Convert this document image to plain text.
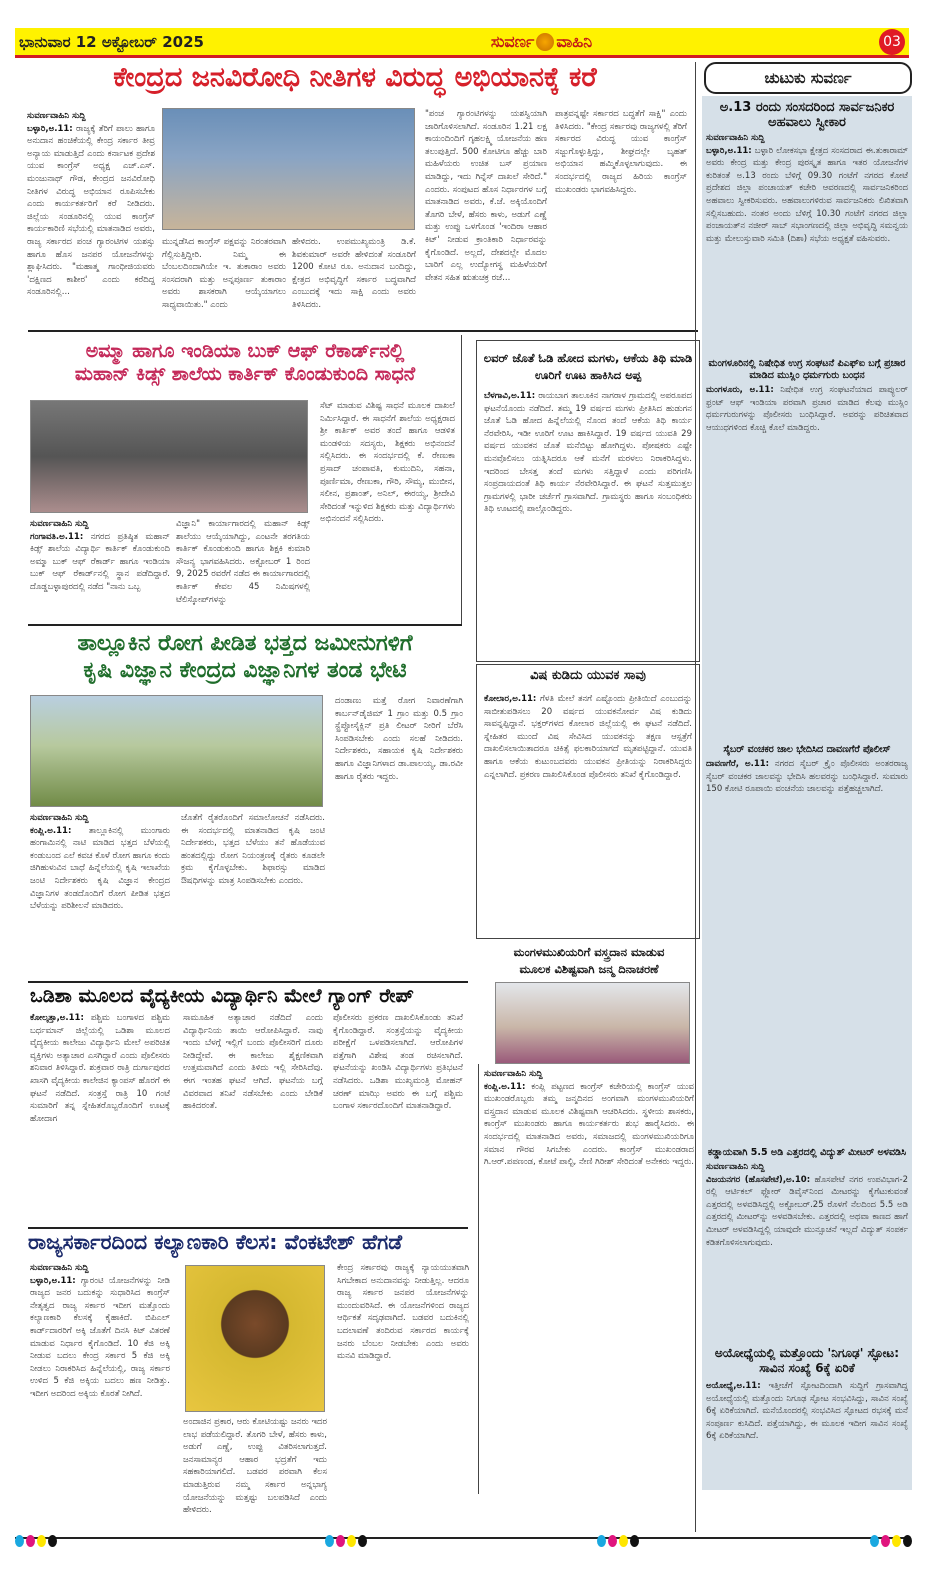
ಭಾನುವಾರ 12 ಅಕ್ಟೋಬರ್ 2025	ಸುವರ್ಣ ವಾಹಿನಿ	03
ಕೇಂದ್ರದ ಜನವಿರೋಧಿ ನೀತಿಗಳ ವಿರುದ್ಧ ಅಭಿಯಾನಕ್ಕೆ ಕರೆ
ಸುವರ್ಣವಾಹಿನಿ ಸುದ್ದಿ
ಬಳ್ಳಾರಿ,ಅ.11: ರಾಜ್ಯಕ್ಕೆ ತೆರಿಗೆ ಪಾಲು ಹಾಗೂ ಅನುದಾನ ಹಂಚಿಕೆಯಲ್ಲಿ ಕೇಂದ್ರ ಸರ್ಕಾರ ತೀವ್ರ ಅನ್ಯಾಯ ಮಾಡುತ್ತಿದೆ ಎಂದು ಕರ್ನಾಟಕ ಪ್ರದೇಶ ಯುವ ಕಾಂಗ್ರೆಸ್ ಅಧ್ಯಕ್ಷ ಎಚ್.ಎಸ್. ಮಂಜುನಾಥ್ ಗೌಡ, ಕೇಂದ್ರದ ಜನವಿರೋಧಿ ನೀತಿಗಳ ವಿರುದ್ಧ ಅಭಿಯಾನ ರೂಪಿಸಬೇಕು ಎಂದು ಕಾರ್ಯಕರ್ತರಿಗೆ ಕರೆ ನೀಡಿದರು. ಜಿಲ್ಲೆಯ ಸಂಡೂರಿನಲ್ಲಿ ಯುವ ಕಾಂಗ್ರೆಸ್ ಕಾರ್ಯಕಾರಿಣಿ ಸಭೆಯಲ್ಲಿ ಮಾತನಾಡಿದ ಅವರು, ರಾಜ್ಯ ಸರ್ಕಾರದ ಪಂಚ ಗ್ಯಾರಂಟಿಗಳ ಯಶಸ್ಸು ಹಾಗೂ ಹೊಸ ಜನಪರ ಯೋಜನೆಗಳನ್ನು ಶ್ಲಾಘಿಸಿದರು. "ಮಹಾತ್ಮ ಗಾಂಧೀಜಿಯವರು 'ದಕ್ಷಿಣದ ಕಾಶೀರ' ಎಂದು ಕರೆದಿದ್ದ ಸಂಡೂರಿನಲ್ಲಿ...
ಮುನ್ನಡೆಸಿದ ಕಾಂಗ್ರೆಸ್ ಪಕ್ಷವನ್ನು ನಿರಂತರವಾಗಿ ಗೆಲ್ಲಿಸುತ್ತಿದ್ದೀರಿ. ನಿಮ್ಮ ಈ ಬೆಂಬಲದಿಂದಾಗಿಯೇ ಇ. ತುಕಾರಾಂ ಅವರು ಸಂಸದರಾಗಿ ಮತ್ತು ಅನ್ನಪೂರ್ಣ ತುಕಾರಾಂ ಅವರು ಶಾಸಕರಾಗಿ ಆಯ್ಕೆಯಾಗಲು ಸಾಧ್ಯವಾಯಿತು." ಎಂದು
ಹೇಳಿದರು. ಉಪಮುಖ್ಯಮಂತ್ರಿ ಡಿ.ಕೆ. ಶಿವಕುಮಾರ್ ಅವರೇ ಹೇಳಿದಂತೆ ಸಂಡೂರಿಗೆ 1200 ಕೋಟಿ ರೂ. ಅನುದಾನ ಬಂದಿದ್ದು, ಕ್ಷೇತ್ರದ ಅಭಿವೃದ್ಧಿಗೆ ಸರ್ಕಾರ ಬದ್ಧವಾಗಿದೆ ಎಂಬುದಕ್ಕೆ ಇದು ಸಾಕ್ಷಿ ಎಂದು ಅವರು ತಿಳಿಸಿದರು.
"ಪಂಚ ಗ್ಯಾರಂಟಿಗಳನ್ನು ಯಶಸ್ವಿಯಾಗಿ ಜಾರಿಗೊಳಿಸಲಾಗಿದೆ. ಸಂಡೂರಿನ 1.21 ಲಕ್ಷ ಕಾಯಂದಿಂದಿಗೆ ಗೃಹಲಕ್ಷ್ಮಿ ಯೋಜನೆಯ ಹಣ ತಲುಪುತ್ತಿದೆ. 500 ಕೋಟಿಗೂ ಹೆಚ್ಚು ಬಾರಿ ಮಹಿಳೆಯರು ಉಚಿತ ಬಸ್ ಪ್ರಯಾಣ ಮಾಡಿದ್ದು, ಇದು ಗಿನ್ನೆಸ್ ದಾಖಲೆ ಸೇರಿದೆ." ಎಂದರು. ಸಂಪುಟದ ಹೊಸ ನಿರ್ಧಾರಗಳ ಬಗ್ಗೆ ಮಾತನಾಡಿದ ಅವರು, ಕೆ.ಜೆ. ಅಕ್ಕಿಯೊಂದಿಗೆ ತೊಗರಿ ಬೇಳೆ, ಹೆಸರು ಕಾಳು, ಅಡುಗೆ ಎಣ್ಣೆ ಮತ್ತು ಉಪ್ಪು ಒಳಗೊಂಡ 'ಇಂದಿರಾ ಆಹಾರ ಕಿಟ್' ನೀಡುವ ಕ್ರಾಂತಿಕಾರಿ ನಿರ್ಧಾರವನ್ನು ಕೈಗೊಂಡಿದೆ. ಅಲ್ಲದೆ, ದೇಶದಲ್ಲೇ ಮೊದಲ ಬಾರಿಗೆ ಎಲ್ಲ ಉದ್ಯೋಗಸ್ಥ ಮಹಿಳೆಯರಿಗೆ ವೇತನ ಸಹಿತ ಋತುಚಕ್ರ ರಜೆ...
ಪಾತ್ರವನ್ನಷ್ಟೇ ಸರ್ಕಾರದ ಬದ್ಧತೆಗೆ ಸಾಕ್ಷಿ" ಎಂದು ತಿಳಿಸಿದರು. "ಕೇಂದ್ರ ಸರ್ಕಾರವು ರಾಜ್ಯಗಳಲ್ಲಿ ತೆರಿಗೆ ಸರ್ಕಾರದ ವಿರುದ್ಧ ಯುವ ಕಾಂಗ್ರೆಸ್ ಸಜ್ಜುಗೊಳ್ಳುತ್ತಿದ್ದು, ಶೀಘ್ರದಲ್ಲೇ ಬೃಹತ್ ಅಭಿಯಾನ ಹಮ್ಮಿಕೊಳ್ಳಲಾಗುವುದು. ಈ ಸಂದರ್ಭದಲ್ಲಿ ರಾಜ್ಯದ ಹಿರಿಯ ಕಾಂಗ್ರೆಸ್ ಮುಖಂಡರು ಭಾಗವಹಿಸಿದ್ದರು.
ಅಮ್ಮಾ ಹಾಗೂ ಇಂಡಿಯಾ ಬುಕ್ ಆಫ್ ರೆಕಾರ್ಡ್‌ನಲ್ಲಿ
ಮಹಾನ್ ಕಿಡ್ಸ್ ಶಾಲೆಯ ಕಾರ್ತಿಕ್ ಕೊಂಡುಕುಂದಿ ಸಾಧನೆ
ಸುವರ್ಣವಾಹಿನಿ ಸುದ್ದಿ
ಗಂಗಾವತಿ.ಅ.11: ನಗರದ ಪ್ರತಿಷ್ಠಿತ ಮಹಾನ್ ಕಿಡ್ಸ್ ಶಾಲೆಯ ವಿದ್ಯಾರ್ಥಿ ಕಾರ್ತಿಕ್ ಕೊಂಡುಕುಂದಿ ಅಮ್ಮಾ ಬುಕ್ ಆಫ್ ರೆಕಾರ್ಡ್ ಹಾಗೂ ಇಂಡಿಯಾ ಬುಕ್ ಆಫ್ ರೆಕಾರ್ಡ್‌ನಲ್ಲಿ ಸ್ಥಾನ ಪಡೆದಿದ್ದಾರೆ. ದೊಡ್ಡಬಳ್ಳಾಪುರದಲ್ಲಿ ನಡೆದ "ನಾನು ಒಬ್ಬ
ವಿಜ್ಞಾನಿ" ಕಾರ್ಯಾಗಾರದಲ್ಲಿ ಮಹಾನ್ ಕಿಡ್ಸ್ ಶಾಲೆಯು ಆಯ್ಕೆಯಾಗಿದ್ದು, ಎಂಟನೇ ತರಗತಿಯ ಕಾರ್ತಿಕ್ ಕೊಂಡುಕುಂದಿ ಹಾಗೂ ಶಿಕ್ಷಕಿ ಕುಮಾರಿ ಸೌಜನ್ಯ ಭಾಗವಹಿಸಿದರು. ಅಕ್ಟೋಬರ್ 1 ರಿಂದ 9, 2025 ರವರೆಗೆ ನಡೆದ ಈ ಕಾರ್ಯಾಗಾರದಲ್ಲಿ ಕಾರ್ತಿಕ್ ಕೇವಲ 45 ನಿಮಿಷಗಳಲ್ಲಿ ಟೆಲಿಸ್ಕೋಪ್‌ಗಳನ್ನು
ಸೆಟ್ ಮಾಡುವ ವಿಶಿಷ್ಟ ಸಾಧನೆ ಮೂಲಕ ದಾಖಲೆ ನಿರ್ಮಿಸಿದ್ದಾರೆ. ಈ ಸಾಧನೆಗೆ ಶಾಲೆಯ ಅಧ್ಯಕ್ಷರಾದ ಶ್ರೀ ಕಾರ್ತಿಕ್ ಅವರ ತಂದೆ ಹಾಗೂ ಆಡಳಿತ ಮಂಡಳಿಯ ಸದಸ್ಯರು, ಶಿಕ್ಷಕರು ಅಭಿನಂದನೆ ಸಲ್ಲಿಸಿದರು. ಈ ಸಂದರ್ಭದಲ್ಲಿ ಕೆ. ರೇಣುಕಾ ಪ್ರಸಾದ್ ಚಂಪಾವತಿ, ಕುಮುದಿನಿ, ಸಹನಾ, ಪೂರ್ಣಿಮಾ, ರೇಣುಕಾ, ಗೌರಿ, ಸೌಮ್ಯ, ಮುಬೀನ, ಸಲೀನ, ಪ್ರಶಾಂತ್, ಅನಿಲ್, ಈರಯ್ಯ, ಶ್ರೀದೇವಿ ಸೇರಿದಂತೆ ಇನ್ನುಳಿದ ಶಿಕ್ಷಕರು ಮತ್ತು ವಿದ್ಯಾರ್ಥಿಗಳು ಅಭಿನಂದನೆ ಸಲ್ಲಿಸಿದರು.
ಲವರ್ ಜೊತೆ ಓಡಿ ಹೋದ ಮಗಳು, ಆಕೆಯ ತಿಥಿ ಮಾಡಿ ಊರಿಗೆ ಊಟ ಹಾಕಿಸಿದ ಅಪ್ಪ
ಬೆಳಗಾವಿ,ಅ.11: ರಾಯಬಾಗ ತಾಲೂಕಿನ ನಾಗರಾಳ ಗ್ರಾಮದಲ್ಲಿ ಅಪರೂಪದ ಘಟನೆಯೊಂದು ನಡೆದಿದೆ. ತಮ್ಮ 19 ವರ್ಷದ ಮಗಳು ಪ್ರೀತಿಸಿದ ಹುಡುಗನ ಜೊತೆ ಓಡಿ ಹೋದ ಹಿನ್ನೆಲೆಯಲ್ಲಿ ನೊಂದ ತಂದೆ ಆಕೆಯ ತಿಥಿ ಕಾರ್ಯ ನೆರವೇರಿಸಿ, ಇಡೀ ಊರಿಗೆ ಊಟ ಹಾಕಿಸಿದ್ದಾರೆ. 19 ವರ್ಷದ ಯುವತಿ 29 ವರ್ಷದ ಯುವಕನ ಜೊತೆ ಮನೆಬಿಟ್ಟು ಹೋಗಿದ್ದಳು. ಪೋಷಕರು ಎಷ್ಟೇ ಮನವೊಲಿಸಲು ಯತ್ನಿಸಿದರೂ ಆಕೆ ಮನೆಗೆ ಮರಳಲು ನಿರಾಕರಿಸಿದ್ದಳು. ಇದರಿಂದ ಬೇಸತ್ತ ತಂದೆ ಮಗಳು ಸತ್ತಿದ್ದಾಳೆ ಎಂದು ಪರಿಗಣಿಸಿ ಸಂಪ್ರದಾಯದಂತೆ ತಿಥಿ ಕಾರ್ಯ ನೆರವೇರಿಸಿದ್ದಾರೆ. ಈ ಘಟನೆ ಸುತ್ತಮುತ್ತಲ ಗ್ರಾಮಗಳಲ್ಲಿ ಭಾರೀ ಚರ್ಚೆಗೆ ಗ್ರಾಸವಾಗಿದೆ. ಗ್ರಾಮಸ್ಥರು ಹಾಗೂ ಸಂಬಂಧಿಕರು ತಿಥಿ ಊಟದಲ್ಲಿ ಪಾಲ್ಗೊಂಡಿದ್ದರು.
ತಾಲ್ಲೂಕಿನ ರೋಗ ಪೀಡಿತ ಭತ್ತದ ಜಮೀನುಗಳಿಗೆ
ಕೃಷಿ ವಿಜ್ಞಾನ ಕೇಂದ್ರದ ವಿಜ್ಞಾನಿಗಳ ತಂಡ ಭೇಟಿ
ಸುವರ್ಣವಾಹಿನಿ ಸುದ್ದಿ
ಕಂಪ್ಲಿ.ಅ.11: ತಾಲ್ಲೂಕಿನಲ್ಲಿ ಮುಂಗಾರು ಹಂಗಾಮಿನಲ್ಲಿ ನಾಟಿ ಮಾಡಿದ ಭತ್ತದ ಬೆಳೆಯಲ್ಲಿ ಕಂಡುಬಂದ ಎಲೆ ಕವಚ ಕೊಳೆ ರೋಗ ಹಾಗೂ ಕಂದು ಜಿಗಿಹುಳುವಿನ ಬಾಧೆ ಹಿನ್ನೆಲೆಯಲ್ಲಿ ಕೃಷಿ ಇಲಾಖೆಯ ಜಂಟಿ ನಿರ್ದೇಶಕರು ಕೃಷಿ ವಿಜ್ಞಾನ ಕೇಂದ್ರದ ವಿಜ್ಞಾನಿಗಳ ತಂಡದೊಂದಿಗೆ ರೋಗ ಪೀಡಿತ ಭತ್ತದ ಬೆಳೆಯನ್ನು ಪರಿಶೀಲನೆ ಮಾಡಿದರು.
ಜೊತೆಗೆ ರೈತರೊಂದಿಗೆ ಸಮಾಲೋಚನೆ ನಡೆಸಿದರು. ಈ ಸಂದರ್ಭದಲ್ಲಿ ಮಾತನಾಡಿದ ಕೃಷಿ ಜಂಟಿ ನಿರ್ದೇಶಕರು, ಭತ್ತದ ಬೆಳೆಯು ತನೆ ಹೊಡೆಯುವ ಹಂತದಲ್ಲಿದ್ದು ರೋಗ ನಿಯಂತ್ರಣಕ್ಕೆ ರೈತರು ಕೂಡಲೇ ಕ್ರಮ ಕೈಗೊಳ್ಳಬೇಕು. ಶಿಫಾರಸ್ಸು ಮಾಡಿದ ಔಷಧಿಗಳನ್ನು ಮಾತ್ರ ಸಿಂಪಡಿಸಬೇಕು ಎಂದರು.
ದಂಡಾಣು ಮತ್ತೆ ರೋಗ ನಿವಾರಣೆಗಾಗಿ ಕಾರ್ಬನ್‌ಡೈಜಿಮ್ 1 ಗ್ರಾಂ ಮತ್ತು 0.5 ಗ್ರಾಂ ಸ್ಟ್ರೆಪ್ಟೋಸೈಕ್ಲಿನ್ ಪ್ರತಿ ಲೀಟರ್ ನೀರಿಗೆ ಬೆರೆಸಿ ಸಿಂಪಡಿಸಬೇಕು ಎಂದು ಸಲಹೆ ನೀಡಿದರು. ನಿರ್ದೇಶಕರು, ಸಹಾಯಕ ಕೃಷಿ ನಿರ್ದೇಶಕರು ಹಾಗೂ ವಿಜ್ಞಾನಿಗಳಾದ ಡಾ.ಪಾಲಯ್ಯ, ಡಾ.ರವೀ ಹಾಗೂ ರೈತರು ಇದ್ದರು.
ವಿಷ ಕುಡಿದು ಯುವಕ ಸಾವು
ಕೋಲಾರ,ಅ.11: ಗೆಳತಿ ಮೇಲೆ ತನಗೆ ಎಷ್ಟೊಂದು ಪ್ರೀತಿಯಿದೆ ಎಂಬುದನ್ನು ಸಾಬೀತುಪಡಿಸಲು 20 ವರ್ಷದ ಯುವಕನೋರ್ವ ವಿಷ ಕುಡಿದು ಸಾವನ್ನಪ್ಪಿದ್ದಾನೆ. ಭಕ್ತರ್‌ಗಳದ ಕೋಲಾರ ಜಿಲ್ಲೆಯಲ್ಲಿ ಈ ಘಟನೆ ನಡೆದಿದೆ. ಸ್ನೇಹಿತರ ಮುಂದೆ ವಿಷ ಸೇವಿಸಿದ ಯುವಕನನ್ನು ತಕ್ಷಣ ಆಸ್ಪತ್ರೆಗೆ ದಾಖಲಿಸಲಾಯಿತಾದರೂ ಚಿಕಿತ್ಸೆ ಫಲಕಾರಿಯಾಗದೆ ಮೃತಪಟ್ಟಿದ್ದಾನೆ. ಯುವತಿ ಹಾಗೂ ಆಕೆಯ ಕುಟುಂಬದವರು ಯುವಕನ ಪ್ರೀತಿಯನ್ನು ನಿರಾಕರಿಸಿದ್ದರು ಎನ್ನಲಾಗಿದೆ. ಪ್ರಕರಣ ದಾಖಲಿಸಿಕೊಂಡ ಪೊಲೀಸರು ತನಿಖೆ ಕೈಗೊಂಡಿದ್ದಾರೆ.
ಒಡಿಶಾ ಮೂಲದ ವೈದ್ಯಕೀಯ ವಿದ್ಯಾರ್ಥಿನಿ ಮೇಲೆ ಗ್ಯಾಂಗ್ ರೇಪ್
ಕೋಲ್ಕತ್ತಾ,ಅ.11: ಪಶ್ಚಿಮ ಬಂಗಾಳದ ಪಶ್ಚಿಮ ಬರ್ಧಮಾನ್ ಜಿಲ್ಲೆಯಲ್ಲಿ ಒಡಿಶಾ ಮೂಲದ ವೈದ್ಯಕೀಯ ಕಾಲೇಜು ವಿದ್ಯಾರ್ಥಿನಿ ಮೇಲೆ ಅಪರಿಚಿತ ವ್ಯಕ್ತಿಗಳು ಅತ್ಯಾಚಾರ ಎಸಗಿದ್ದಾರೆ ಎಂದು ಪೊಲೀಸರು ಶನಿವಾರ ತಿಳಿಸಿದ್ದಾರೆ. ಶುಕ್ರವಾರ ರಾತ್ರಿ ದುರ್ಗಾಪುರದ ಖಾಸಗಿ ವೈದ್ಯಕೀಯ ಕಾಲೇಜಿನ ಕ್ಯಾಂಪಸ್ ಹೊರಗೆ ಈ ಘಟನೆ ನಡೆದಿದೆ. ಸಂತ್ರಸ್ತೆ ರಾತ್ರಿ 10 ಗಂಟೆ ಸುಮಾರಿಗೆ ತನ್ನ ಸ್ನೇಹಿತರೊಬ್ಬರೊಂದಿಗೆ ಊಟಕ್ಕೆ ಹೋದಾಗ
ಸಾಮೂಹಿಕ ಅತ್ಯಾಚಾರ ನಡೆದಿದೆ ಎಂದು ವಿದ್ಯಾರ್ಥಿನಿಯ ತಾಯಿ ಆರೋಪಿಸಿದ್ದಾರೆ. ನಾವು ಇಂದು ಬೆಳಗ್ಗೆ ಇಲ್ಲಿಗೆ ಬಂದು ಪೊಲೀಸರಿಗೆ ದೂರು ನೀಡಿದ್ದೇವೆ. ಈ ಕಾಲೇಜು ಶೈಕ್ಷಣಿಕವಾಗಿ ಉತ್ತಮವಾಗಿದೆ ಎಂದು ತಿಳಿದು ಇಲ್ಲಿ ಸೇರಿಸಿದೆವು. ಈಗ ಇಂತಹ ಘಟನೆ ಆಗಿದೆ. ಘಟನೆಯ ಬಗ್ಗೆ ವಿವರವಾದ ತನಿಖೆ ನಡೆಸಬೇಕು ಎಂದು ಬೇಡಿಕೆ ಹಾಕಿದರಂತೆ.
ಪೊಲೀಸರು ಪ್ರಕರಣ ದಾಖಲಿಸಿಕೊಂಡು ತನಿಖೆ ಕೈಗೊಂಡಿದ್ದಾರೆ. ಸಂತ್ರಸ್ತೆಯನ್ನು ವೈದ್ಯಕೀಯ ಪರೀಕ್ಷೆಗೆ ಒಳಪಡಿಸಲಾಗಿದೆ. ಆರೋಪಿಗಳ ಪತ್ತೆಗಾಗಿ ವಿಶೇಷ ತಂಡ ರಚಿಸಲಾಗಿದೆ. ಘಟನೆಯನ್ನು ಖಂಡಿಸಿ ವಿದ್ಯಾರ್ಥಿಗಳು ಪ್ರತಿಭಟನೆ ನಡೆಸಿದರು. ಒಡಿಶಾ ಮುಖ್ಯಮಂತ್ರಿ ಮೋಹನ್ ಚರಣ್ ಮಾಝಿ ಅವರು ಈ ಬಗ್ಗೆ ಪಶ್ಚಿಮ ಬಂಗಾಳ ಸರ್ಕಾರದೊಂದಿಗೆ ಮಾತನಾಡಿದ್ದಾರೆ.
ಮಂಗಳಮುಖಿಯರಿಗೆ ವಸ್ತ್ರದಾನ ಮಾಡುವ
ಮೂಲಕ ವಿಶಿಷ್ಟವಾಗಿ ಜನ್ಮ ದಿನಾಚರಣೆ
ಸುವರ್ಣವಾಹಿನಿ ಸುದ್ದಿ
ಕಂಪ್ಲಿ.ಅ.11: ಕಂಪ್ಲಿ ಪಟ್ಟಣದ ಕಾಂಗ್ರೆಸ್ ಕಚೇರಿಯಲ್ಲಿ ಕಾಂಗ್ರೆಸ್ ಯುವ ಮುಖಂಡರೊಬ್ಬರು ತಮ್ಮ ಜನ್ಮದಿನದ ಅಂಗವಾಗಿ ಮಂಗಳಮುಖಿಯರಿಗೆ ವಸ್ತ್ರದಾನ ಮಾಡುವ ಮೂಲಕ ವಿಶಿಷ್ಟವಾಗಿ ಆಚರಿಸಿದರು. ಸ್ಥಳೀಯ ಶಾಸಕರು, ಕಾಂಗ್ರೆಸ್ ಮುಖಂಡರು ಹಾಗೂ ಕಾರ್ಯಕರ್ತರು ಶುಭ ಹಾರೈಸಿದರು. ಈ ಸಂದರ್ಭದಲ್ಲಿ ಮಾತನಾಡಿದ ಅವರು, ಸಮಾಜದಲ್ಲಿ ಮಂಗಳಮುಖಿಯರಿಗೂ ಸಮಾನ ಗೌರವ ಸಿಗಬೇಕು ಎಂದರು. ಕಾಂಗ್ರೆಸ್ ಮುಖಂಡರಾದ ಗಿ.ಆರ್.ಪಪಣಂಡ, ಕೋಟೆ ಪಾಲ್ಟಿ, ನೇಣಿ ಗಿರೀಶ್ ಸೇರಿದಂತೆ ಅನೇಕರು ಇದ್ದರು.
ರಾಜ್ಯಸರ್ಕಾರದಿಂದ ಕಲ್ಯಾಣಕಾರಿ ಕೆಲಸ: ವೆಂಕಟೇಶ್ ಹೆಗಡೆ
ಸುವರ್ಣವಾಹಿನಿ ಸುದ್ದಿ
ಬಳ್ಳಾರಿ,ಅ.11: ಗ್ಯಾರಂಟಿ ಯೋಜನೆಗಳನ್ನು ನೀಡಿ ರಾಜ್ಯದ ಜನರ ಬದುಕನ್ನು ಸುಧಾರಿಸಿದ ಕಾಂಗ್ರೆಸ್ ನೇತೃತ್ವದ ರಾಜ್ಯ ಸರ್ಕಾರ ಇದೀಗ ಮತ್ತೊಂದು ಕಲ್ಯಾಣಕಾರಿ ಕೆಲಸಕ್ಕೆ ಕೈಹಾಕಿದೆ. ಬಿಪಿಎಲ್ ಕಾರ್ಡ್‌ದಾರರಿಗೆ ಅಕ್ಕಿ ಜೊತೆಗೆ ದಿನಸಿ ಕಿಟ್ ವಿತರಣೆ ಮಾಡುವ ನಿರ್ಧಾರ ಕೈಗೊಂಡಿದೆ. 10 ಕೆಜಿ ಅಕ್ಕಿ ನೀಡುವ ಬದಲು ಕೇಂದ್ರ ಸರ್ಕಾರ 5 ಕೆಜಿ ಅಕ್ಕಿ ನೀಡಲು ನಿರಾಕರಿಸಿದ ಹಿನ್ನೆಲೆಯಲ್ಲಿ, ರಾಜ್ಯ ಸರ್ಕಾರ ಉಳಿದ 5 ಕೆಜಿ ಅಕ್ಕಿಯ ಬದಲು ಹಣ ನೀಡಿತ್ತು. ಇದೀಗ ಅದರಿಂದ ಅಕ್ಕಿಯ ಕೊರತೆ ನೀಗಿದೆ.
ಅಂದಾಜಿನ ಪ್ರಕಾರ, ಆರು ಕೋಟಿಯಷ್ಟು ಜನರು ಇದರ ಲಾಭ ಪಡೆಯಲಿದ್ದಾರೆ. ತೊಗರಿ ಬೇಳೆ, ಹೆಸರು ಕಾಳು, ಅಡುಗೆ ಎಣ್ಣೆ, ಉಪ್ಪು ವಿತರಿಸಲಾಗುತ್ತದೆ. ಜನಸಾಮಾನ್ಯರ ಆಹಾರ ಭದ್ರತೆಗೆ ಇದು ಸಹಕಾರಿಯಾಗಲಿದೆ. ಬಡವರ ಪರವಾಗಿ ಕೆಲಸ ಮಾಡುತ್ತಿರುವ ನಮ್ಮ ಸರ್ಕಾರ ಅನ್ನಭಾಗ್ಯ ಯೋಜನೆಯನ್ನು ಮತ್ತಷ್ಟು ಬಲಪಡಿಸಿದೆ ಎಂದು ಹೇಳಿದರು.
ಕೇಂದ್ರ ಸರ್ಕಾರವು ರಾಜ್ಯಕ್ಕೆ ನ್ಯಾಯಯುತವಾಗಿ ಸಿಗಬೇಕಾದ ಅನುದಾನವನ್ನು ನೀಡುತ್ತಿಲ್ಲ. ಆದರೂ ರಾಜ್ಯ ಸರ್ಕಾರ ಜನಪರ ಯೋಜನೆಗಳನ್ನು ಮುಂದುವರಿಸಿದೆ. ಈ ಯೋಜನೆಗಳಿಂದ ರಾಜ್ಯದ ಆರ್ಥಿಕತೆ ಸದೃಢವಾಗಿದೆ. ಬಡವರ ಬದುಕಿನಲ್ಲಿ ಬದಲಾವಣೆ ತಂದಿರುವ ಸರ್ಕಾರದ ಕಾರ್ಯಕ್ಕೆ ಜನರು ಬೆಂಬಲ ನೀಡಬೇಕು ಎಂದು ಅವರು ಮನವಿ ಮಾಡಿದ್ದಾರೆ.
ಚುಟುಕು ಸುವರ್ಣ
ಅ.13 ರಂದು ಸಂಸದರಿಂದ ಸಾರ್ವಜನಿಕರ ಅಹವಾಲು ಸ್ವೀಕಾರ
ಸುವರ್ಣವಾಹಿನಿ ಸುದ್ದಿ
ಬಳ್ಳಾರಿ,ಅ.11: ಬಳ್ಳಾರಿ ಲೋಕಸಭಾ ಕ್ಷೇತ್ರದ ಸಂಸದರಾದ ಈ.ತುಕಾರಾಮ್ ಅವರು ಕೇಂದ್ರ ಮತ್ತು ಕೇಂದ್ರ ಪುರಸ್ಕೃತ ಹಾಗೂ ಇತರ ಯೋಜನೆಗಳ ಕುರಿತಂತೆ ಅ.13 ರಂದು ಬೆಳಿಗ್ಗೆ 09.30 ಗಂಟೆಗೆ ನಗರದ ಕೋಟೆ ಪ್ರದೇಶದ ಜಿಲ್ಲಾ ಪಂಚಾಯತ್ ಕಚೇರಿ ಆವರಣದಲ್ಲಿ ಸಾರ್ವಜನಿಕರಿಂದ ಅಹವಾಲು ಸ್ವೀಕರಿಸುವರು. ಅಹವಾಲುಗಳಿರುವ ಸಾರ್ವಜನಿಕರು ಲಿಖಿತವಾಗಿ ಸಲ್ಲಿಸಬಹುದು. ನಂತರ ಅಂದು ಬೆಳಿಗ್ಗೆ 10.30 ಗಂಟೆಗೆ ನಗರದ ಜಿಲ್ಲಾ ಪಂಚಾಯತ್‌ನ ನಜೀರ್ ಸಾಬ್ ಸಭಾಂಗಣದಲ್ಲಿ ಜಿಲ್ಲಾ ಅಭಿವೃದ್ಧಿ ಸಮನ್ವಯ ಮತ್ತು ಮೇಲುಸ್ತುವಾರಿ ಸಮಿತಿ (ದಿಶಾ) ಸಭೆಯ ಅಧ್ಯಕ್ಷತೆ ವಹಿಸುವರು.
ಮಂಗಳೂರಿನಲ್ಲಿ ನಿಷೇಧಿತ ಉಗ್ರ ಸಂಘಟನೆ ಪಿಎಫ್‌ಐ ಬಗ್ಗೆ ಪ್ರಚಾರ ಮಾಡಿದ ಮುಸ್ಲಿಂ ಧರ್ಮಗುರು ಬಂಧನ
ಮಂಗಳೂರು, ಅ.11: ನಿಷೇಧಿತ ಉಗ್ರ ಸಂಘಟನೆಯಾದ ಪಾಪ್ಯುಲರ್ ಫ್ರಂಟ್ ಆಫ್ ಇಂಡಿಯಾ ಪರವಾಗಿ ಪ್ರಚಾರ ಮಾಡಿದ ಕೆಲವು ಮುಸ್ಲಿಂ ಧರ್ಮಗುರುಗಳನ್ನು ಪೊಲೀಸರು ಬಂಧಿಸಿದ್ದಾರೆ. ಅವರನ್ನು ಪರಿಚಿತವಾದ ಆಯುಧಗಳಿಂದ ಕೊಚ್ಚಿ ಕೊಲೆ ಮಾಡಿದ್ದರು.
ಸೈಬರ್ ವಂಚಕರ ಜಾಲ ಭೇದಿಸಿದ ದಾವಣಗೆರೆ ಪೊಲೀಸ್
ದಾವಣಗೆರೆ, ಅ.11: ನಗರದ ಸೈಬರ್ ಕ್ರೈಂ ಪೊಲೀಸರು ಅಂತರರಾಜ್ಯ ಸೈಬರ್ ವಂಚಕರ ಜಾಲವನ್ನು ಭೇದಿಸಿ ಹಲವರನ್ನು ಬಂಧಿಸಿದ್ದಾರೆ. ಸುಮಾರು 150 ಕೋಟಿ ರೂಪಾಯಿ ವಂಚನೆಯ ಜಾಲವನ್ನು ಪತ್ತೆಹಚ್ಚಲಾಗಿದೆ.
ಕಡ್ಡಾಯವಾಗಿ 5.5 ಅಡಿ ಎತ್ತರದಲ್ಲಿ ವಿದ್ಯುತ್ ಮೀಟರ್ ಅಳವಡಿಸಿ
ಸುವರ್ಣವಾಹಿನಿ ಸುದ್ದಿ
ವಿಜಯನಗರ (ಹೊಸಪೇಟೆ),ಅ.10: ಹೊಸಪೇಟೆ ನಗರ ಉಪವಿಭಾಗ-2 ರಲ್ಲಿ ಆರ್ಟಿಕಲ್ ಫ್ಲೋರ್ ಡಿವೈಸ್‌ನಿಂದ ಮೀಟರನ್ನು ಕೈಗೆಟುಕುವಂತೆ ಎತ್ತರದಲ್ಲಿ ಅಳವಡಿಸಿದ್ದಲ್ಲಿ ಅಕ್ಟೋಬರ್.25 ರೊಳಗೆ ನೆಲದಿಂದ 5.5 ಅಡಿ ಎತ್ತರದಲ್ಲಿ ಮೀಟರ್‌ನ್ನು ಅಳವಡಿಸಬೇಕು. ಎತ್ತರದಲ್ಲಿ ಅಥವಾ ಕಾಣದ ಹಾಗೆ ಮೀಟರ್ ಅಳವಡಿಸಿದ್ದಲ್ಲಿ ಯಾವುದೇ ಮುನ್ಸೂಚನೆ ಇಲ್ಲದೆ ವಿದ್ಯುತ್ ಸಂಪರ್ಕ ಕಡಿತಗೊಳಿಸಲಾಗುವುದು.
ಅಯೋಧ್ಯೆಯಲ್ಲಿ ಮತ್ತೊಂದು 'ನಿಗೂಢ' ಸ್ಫೋಟ: ಸಾವಿನ ಸಂಖ್ಯೆ 6ಕ್ಕೆ ಏರಿಕೆ
ಅಯೋಧ್ಯೆ,ಅ.11: ಇತ್ತೀಚೆಗೆ ಸ್ಫೋಟದಿಂದಾಗಿ ಸುದ್ದಿಗೆ ಗ್ರಾಸವಾಗಿದ್ದ ಅಯೋಧ್ಯೆಯಲ್ಲಿ ಮತ್ತೊಂದು ನಿಗೂಢ ಸ್ಫೋಟ ಸಂಭವಿಸಿದ್ದು, ಸಾವಿನ ಸಂಖ್ಯೆ 6ಕ್ಕೆ ಏರಿಕೆಯಾಗಿದೆ. ಮನೆಯೊಂದರಲ್ಲಿ ಸಂಭವಿಸಿದ ಸ್ಫೋಟದ ರಭಸಕ್ಕೆ ಮನೆ ಸಂಪೂರ್ಣ ಕುಸಿದಿದೆ. ಪತ್ತೆಯಾಗಿದ್ದು, ಈ ಮೂಲಕ ಇದೀಗ ಸಾವಿನ ಸಂಖ್ಯೆ 6ಕ್ಕೆ ಏರಿಕೆಯಾಗಿದೆ.
